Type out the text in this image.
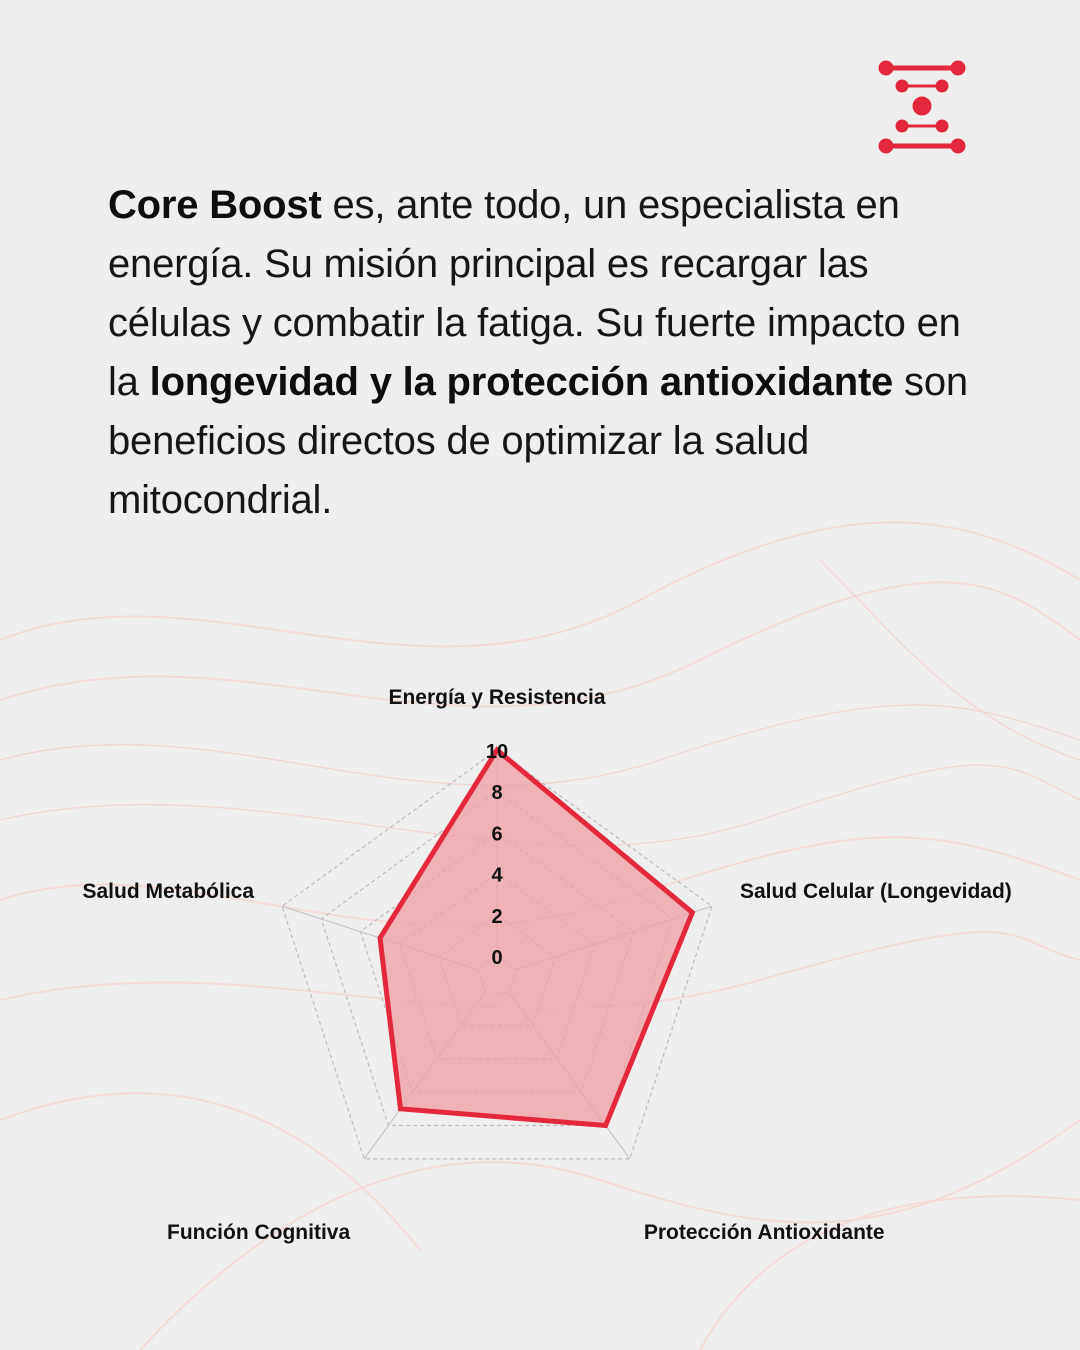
Core Boost es, ante todo, un especialista en energía. Su misión principal es recargar las células y combatir la fatiga. Su fuerte impacto en la longevidad y la protección antioxidante son beneficios directos de optimizar la salud mitocondrial.

0
2
4
6
8
10
Energía y Resistencia
Salud Celular (Longevidad)
Protección Antioxidante
Función Cognitiva
Salud Metabólica
